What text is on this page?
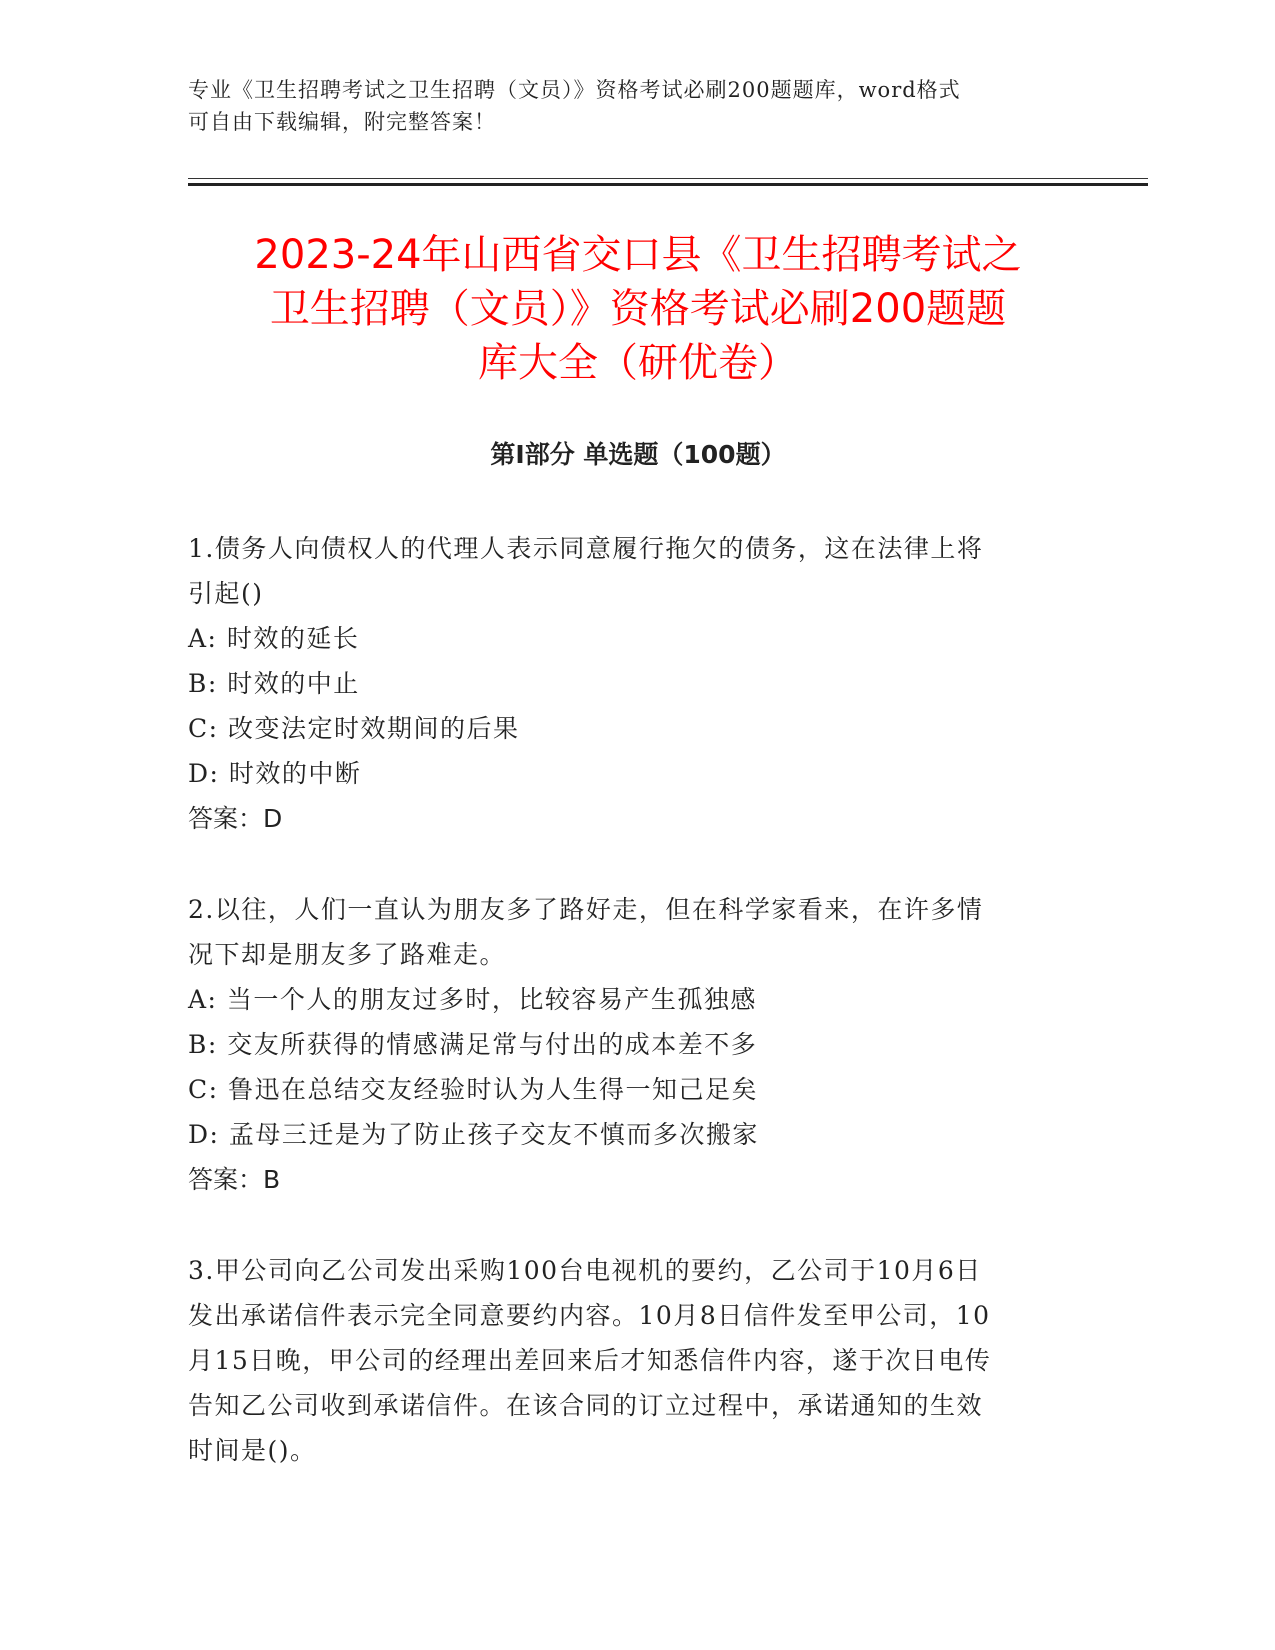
专业《卫生招聘考试之卫生招聘（文员）》资格考试必刷200题题库，word格式
可自由下载编辑，附完整答案！
2023-24年山西省交口县《卫生招聘考试之
卫生招聘（文员）》资格考试必刷200题题
库大全（研优卷）
第Ⅰ部分 单选题（100题）

1.债务人向债权人的代理人表示同意履行拖欠的债务，这在法律上将

引起()

A: 时效的延长

B: 时效的中止

C: 改变法定时效期间的后果

D: 时效的中断

答案：D

2.以往，人们一直认为朋友多了路好走，但在科学家看来，在许多情

况下却是朋友多了路难走。

A: 当一个人的朋友过多时，比较容易产生孤独感

B: 交友所获得的情感满足常与付出的成本差不多

C: 鲁迅在总结交友经验时认为人生得一知己足矣

D: 孟母三迁是为了防止孩子交友不慎而多次搬家

答案：B

3.甲公司向乙公司发出采购100台电视机的要约，乙公司于10月6日

发出承诺信件表示完全同意要约内容。10月8日信件发至甲公司，10

月15日晚，甲公司的经理出差回来后才知悉信件内容，遂于次日电传

告知乙公司收到承诺信件。在该合同的订立过程中，承诺通知的生效

时间是()。
